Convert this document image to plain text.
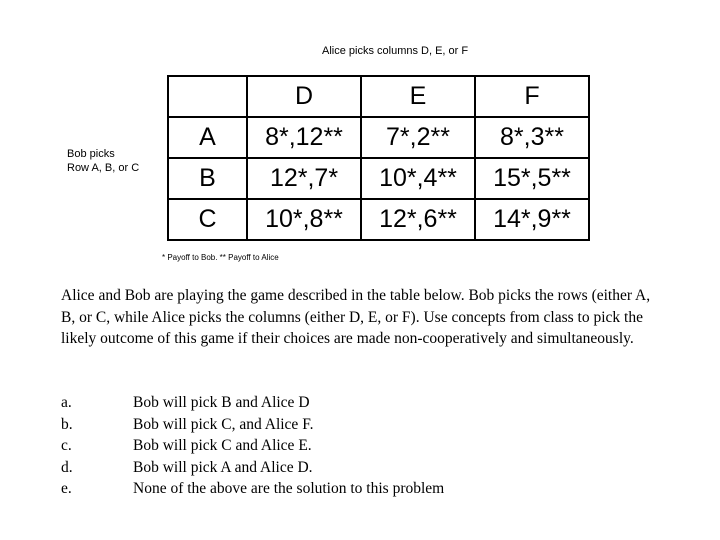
Alice picks columns D, E, or F
Bob picks
Row A, B, or C
	D	E	F
A	8*,12**	7*,2**	8*,3**
B	12*,7*	10*,4**	15*,5**
C	10*,8**	12*,6**	14*,9**
* Payoff to Bob. ** Payoff to Alice
Alice and Bob are playing the game described in the table below. Bob picks the rows (either A, B, or C, while Alice picks the columns (either D, E, or F). Use concepts from class to pick the likely outcome of this game if their choices are made non-cooperatively and simultaneously.
a.	Bob will pick B and Alice D
b.	Bob will pick C, and Alice F.
c.	Bob will pick C and Alice E.
d.	Bob will pick A and Alice D.
e.	None of the above are the solution to this problem
